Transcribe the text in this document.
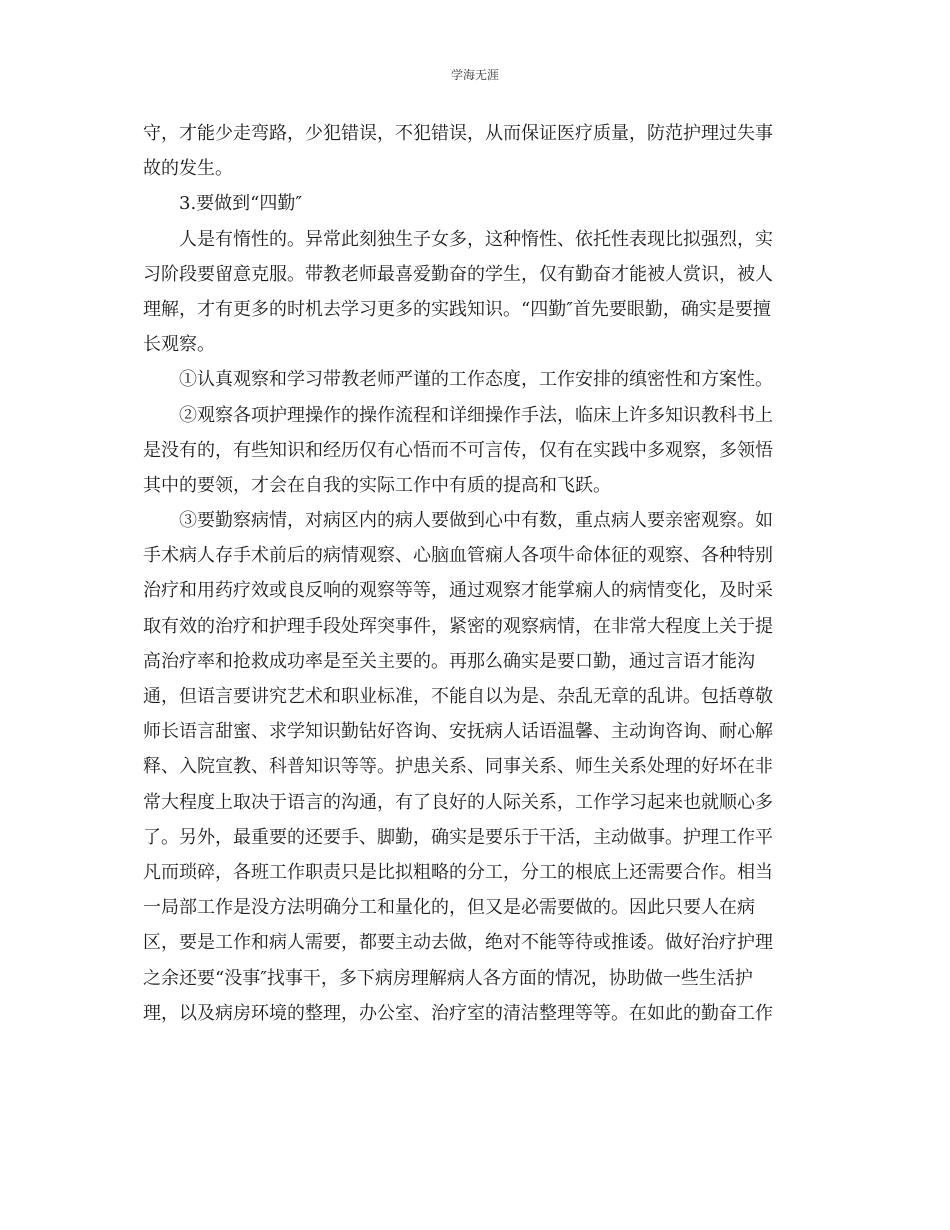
学海无涯
守，才能少走弯路，少犯错误，不犯错误，从而保证医疗质量，防范护理过失事
故的发生。
3.要做到“四勤″
人是有惰性的。异常此刻独生子女多，这种惰性、依托性表现比拟强烈，实
习阶段要留意克服。带教老师最喜爱勤奋的学生，仅有勤奋才能被人赏识，被人
理解，才有更多的时机去学习更多的实践知识。“四勤″首先要眼勤，确实是要擅
长观察。
①认真观察和学习带教老师严谨的工作态度，工作安排的缜密性和方案性。
②观察各项护理操作的操作流程和详细操作手法，临床上许多知识教科书上
是没有的，有些知识和经历仅有心悟而不可言传，仅有在实践中多观察，多领悟
其中的要领，才会在自我的实际工作中有质的提高和飞跃。
③要勤察病情，对病区内的病人要做到心中有数，重点病人要亲密观察。如
手术病人存手术前后的病情观察、心脑血管痫人各项牛命体征的观察、各种特别
治疗和用药疗效或良反响的观察等等，通过观察才能掌痫人的病情变化，及时采
取有效的治疗和护理手段处珲突事件，紧密的观察病情，在非常大程度上关于提
高治疗率和抢救成功率是至关主要的。再那么确实是要口勤，通过言语才能沟
通，但语言要讲究艺术和职业标准，不能自以为是、杂乱无章的乱讲。包括尊敬
师长语言甜蜜、求学知识勤钻好咨询、安抚病人话语温馨、主动询咨询、耐心解
释、入院宣教、科普知识等等。护患关系、同事关系、师生关系处理的好坏在非
常大程度上取决于语言的沟通，有了良好的人际关系，工作学习起来也就顺心多
了。另外，最重要的还要手、脚勤，确实是要乐于干活，主动做事。护理工作平
凡而琐碎，各班工作职责只是比拟粗略的分工，分工的根底上还需要合作。相当
一局部工作是没方法明确分工和量化的，但又是必需要做的。因此只要人在病
区，要是工作和病人需要，都要主动去做，绝对不能等待或推诿。做好治疗护理
之余还要“没事″找事干，多下病房理解病人各方面的情况，协助做一些生活护
理，以及病房环境的整理，办公室、治疗室的清洁整理等等。在如此的勤奋工作
